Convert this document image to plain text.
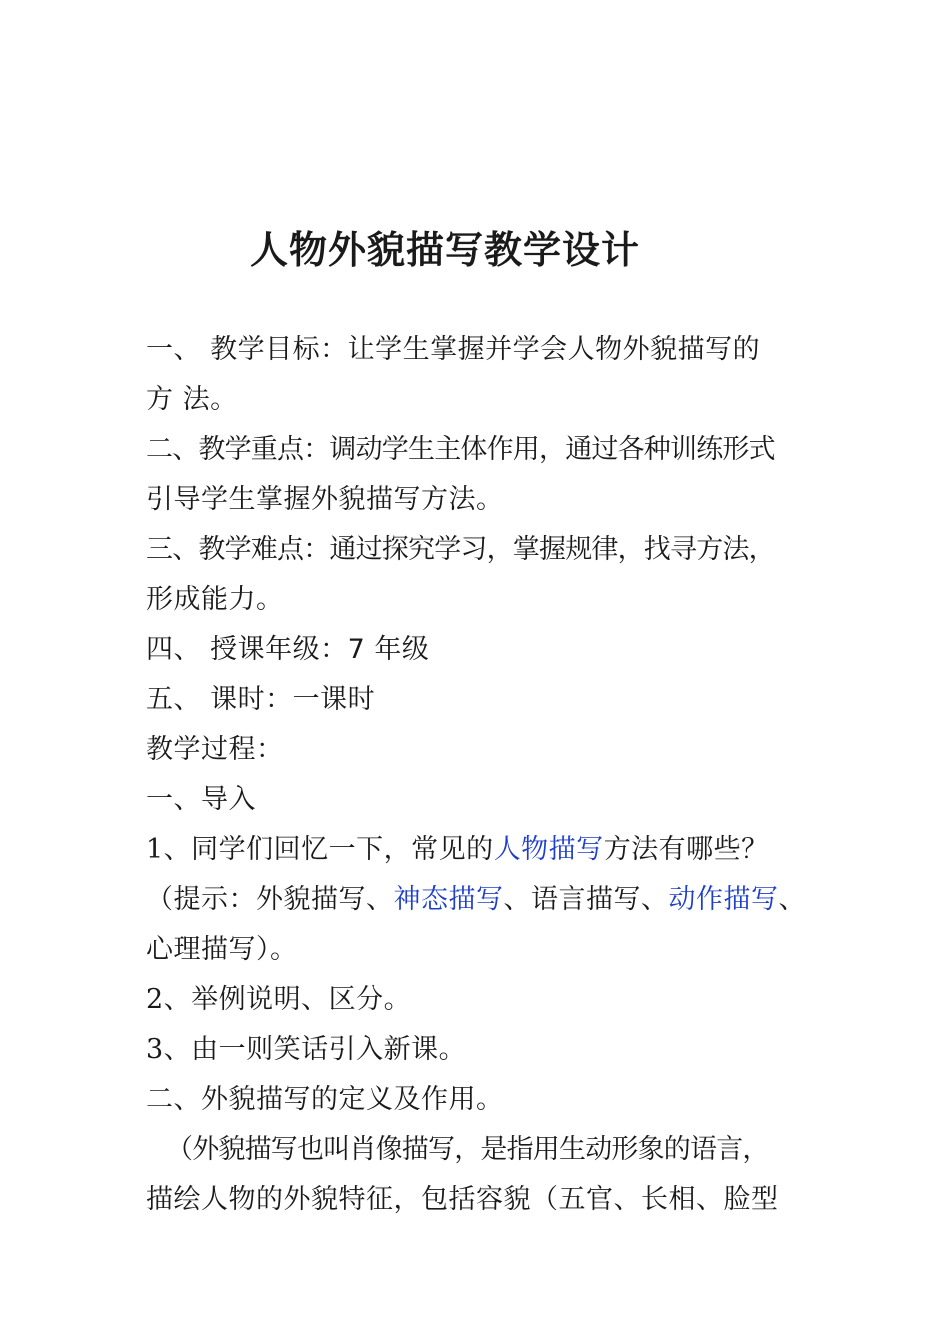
人物外貌描写教学设计
一、 教学目标：让学生掌握并学会人物外貌描写的
方 法。
二、教学重点：调动学生主体作用，通过各种训练形式
引导学生掌握外貌描写方法。
三、教学难点：通过探究学习，掌握规律，找寻方法，
形成能力。
四、 授课年级：7 年级
五、 课时：一课时
教学过程：
一、导入
1、同学们回忆一下，常见的人物描写方法有哪些？
（提示：外貌描写、神态描写、语言描写、动作描写、
心理描写）。
2、举例说明、区分。
3、由一则笑话引入新课。
二、外貌描写的定义及作用。
（外貌描写也叫肖像描写，是指用生动形象的语言，
描绘人物的外貌特征，包括容貌（五官、长相、脸型
